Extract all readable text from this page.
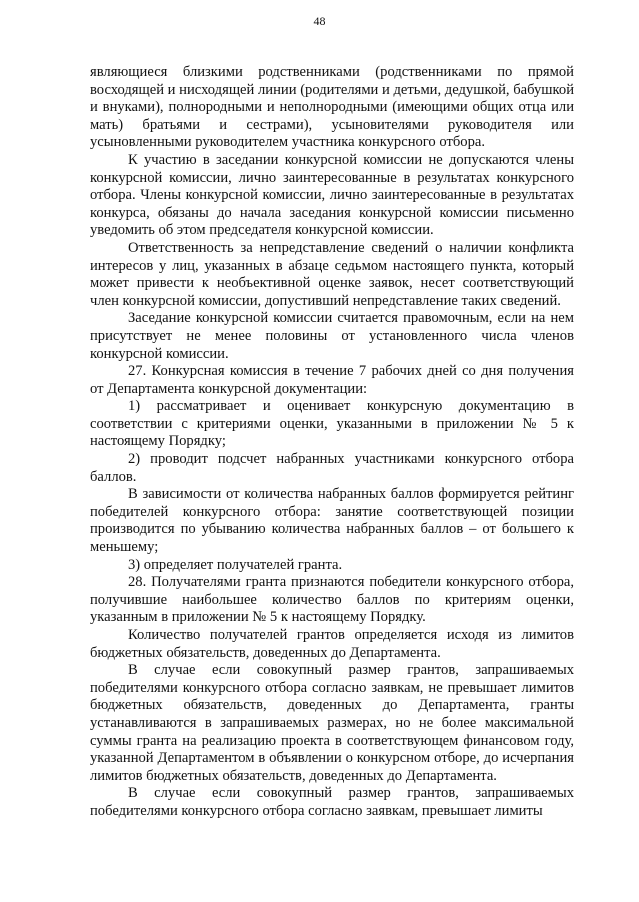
48

являющиеся близкими родственниками (родственниками по прямой восходящей и нисходящей линии (родителями и детьми, дедушкой, бабушкой и внуками), полнородными и неполнородными (имеющими общих отца или мать) братьями и сестрами), усыновителями руководителя или усыновленными руководителем участника конкурсного отбора.

К участию в заседании конкурсной комиссии не допускаются члены конкурсной комиссии, лично заинтересованные в результатах конкурсного отбора. Члены конкурсной комиссии, лично заинтересованные в результатах конкурса, обязаны до начала заседания конкурсной комиссии письменно уведомить об этом председателя конкурсной комиссии.

Ответственность за непредставление сведений о наличии конфликта интересов у лиц, указанных в абзаце седьмом настоящего пункта, который может привести к необъективной оценке заявок, несет соответствующий член конкурсной комиссии, допустивший непредставление таких сведений.

Заседание конкурсной комиссии считается правомочным, если на нем присутствует не менее половины от установленного числа членов конкурсной комиссии.

27. Конкурсная комиссия в течение 7 рабочих дней со дня получения от Департамента конкурсной документации:

1) рассматривает и оценивает конкурсную документацию в соответствии с критериями оценки, указанными в приложении № 5 к настоящему Порядку;

2) проводит подсчет набранных участниками конкурсного отбора баллов.

В зависимости от количества набранных баллов формируется рейтинг победителей конкурсного отбора: занятие соответствующей позиции производится по убыванию количества набранных баллов – от большего к меньшему;

3) определяет получателей гранта.

28. Получателями гранта признаются победители конкурсного отбора, получившие наибольшее количество баллов по критериям оценки, указанным в приложении № 5 к настоящему Порядку.

Количество получателей грантов определяется исходя из лимитов бюджетных обязательств, доведенных до Департамента.

В случае если совокупный размер грантов, запрашиваемых победителями конкурсного отбора согласно заявкам, не превышает лимитов бюджетных обязательств, доведенных до Департамента, гранты устанавливаются в запрашиваемых размерах, но не более максимальной суммы гранта на реализацию проекта в соответствующем финансовом году, указанной Департаментом в объявлении о конкурсном отборе, до исчерпания лимитов бюджетных обязательств, доведенных до Департамента.

В случае если совокупный размер грантов, запрашиваемых победителями конкурсного отбора согласно заявкам, превышает лимиты
